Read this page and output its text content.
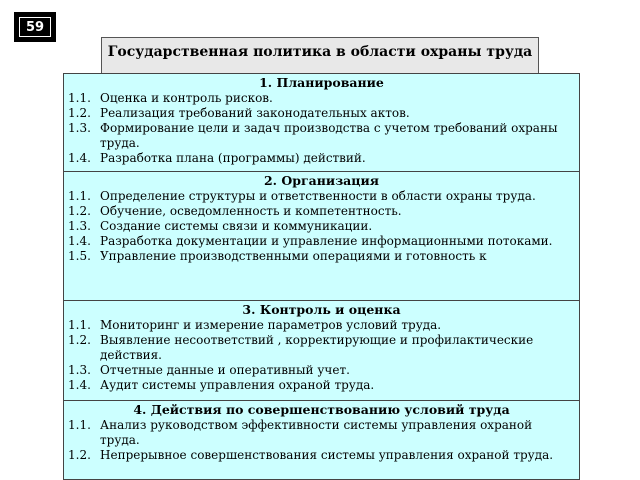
59
Государственная политика в области охраны труда
1. Планирование
1.1. Оценка и контроль рисков.
1.2. Реализация требований законодательных актов.
1.3. Формирование цели и задач производства с учетом требований охраны труда.
1.4. Разработка плана (программы) действий.
2. Организация
1.1. Определение структуры и ответственности в области охраны труда.
1.2. Обучение, осведомленность и компетентность.
1.3. Создание системы связи и коммуникации.
1.4. Разработка документации и управление информационными потоками.
1.5. Управление производственными операциями и готовность к
3. Контроль и оценка
1.1. Мониторинг и измерение параметров условий труда.
1.2. Выявление несоответствий , корректирующие и профилактические действия.
1.3. Отчетные данные и оперативный учет.
1.4. Аудит системы управления охраной труда.
4. Действия по совершенствованию условий труда
1.1. Анализ руководством эффективности системы управления охраной труда.
1.2. Непрерывное совершенствования системы управления охраной труда.
